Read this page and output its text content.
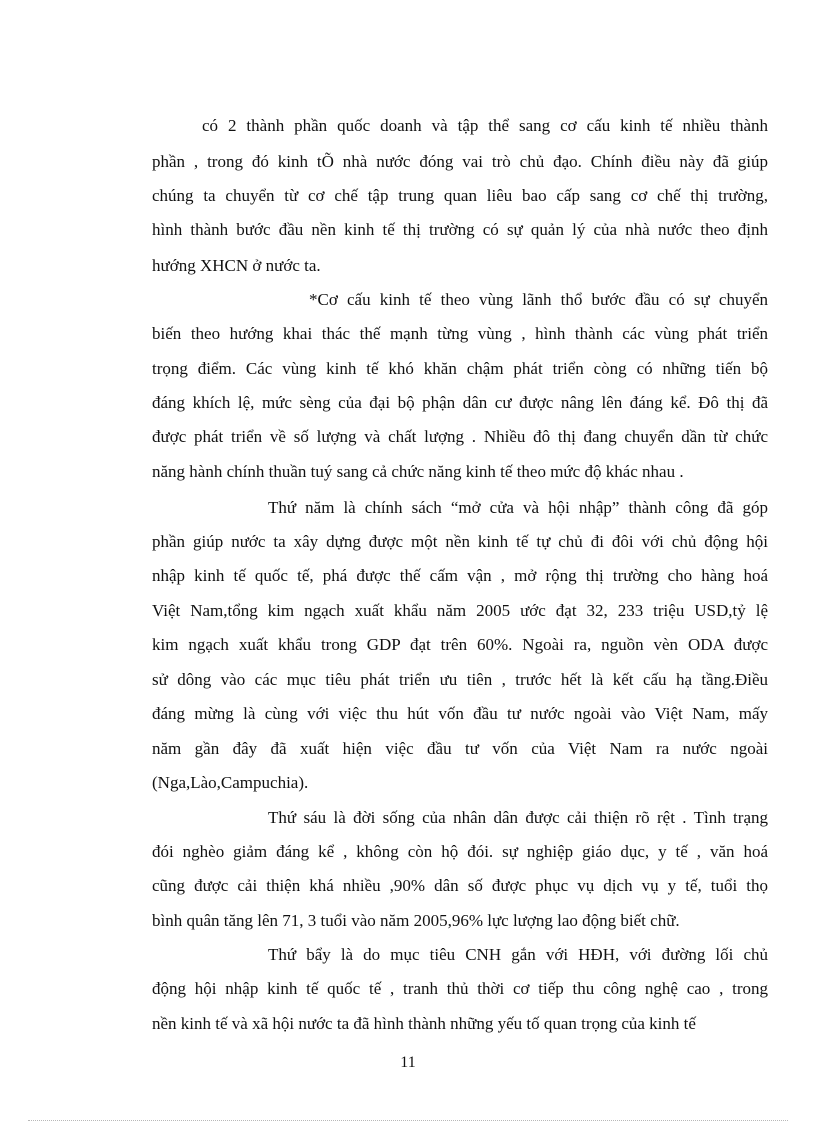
có 2 thành phần quốc doanh và tập thể sang cơ cấu kinh tế nhiều thành
phần , trong đó kinh tÕ nhà nước đóng vai trò chủ đạo. Chính điều này đã giúp
chúng ta chuyển từ cơ chế tập trung quan liêu bao cấp sang cơ chế thị trường,
hình thành bước đầu nền kinh tế thị trường có sự quản lý của nhà nước theo định
hướng XHCN ở nước ta.
*Cơ cấu kinh tế theo vùng lãnh thổ bước đầu có sự chuyển
biến theo hướng khai thác thế mạnh từng vùng , hình thành các vùng phát triển
trọng điểm. Các vùng kinh tế khó khăn chậm phát triển còng có những tiến bộ
đáng khích lệ, mức sèng của đại bộ phận dân cư được nâng lên đáng kể. Đô thị đã
được phát triển về số lượng và chất lượng . Nhiều đô thị đang chuyển dần từ chức
năng hành chính thuần tuý sang cả chức năng kinh tế theo mức độ khác nhau .
Thứ năm là chính sách “mở cửa và hội nhập” thành công đã góp
phần giúp nước ta xây dựng được một nền kinh tế tự chủ đi đôi với chủ động hội
nhập kinh tế quốc tế, phá được thế cấm vận , mở rộng thị trường cho hàng hoá
Việt Nam,tổng kim ngạch xuất khẩu năm 2005 ước đạt 32, 233 triệu USD,tỷ lệ
kim ngạch xuất khẩu trong GDP đạt trên 60%. Ngoài ra, nguồn vèn ODA được
sử dông vào các mục tiêu phát triển ưu tiên , trước hết là kết cấu hạ tầng.Điều
đáng mừng là cùng với việc thu hút vốn đầu tư nước ngoài vào Việt Nam, mấy
năm gần đây đã xuất hiện việc đầu tư vốn của Việt Nam ra nước ngoài
(Nga,Lào,Campuchia).
Thứ sáu là đời sống của nhân dân được cải thiện rõ rệt . Tình trạng
đói nghèo giảm đáng kể , không còn hộ đói. sự nghiệp giáo dục, y tế , văn hoá
cũng được cải thiện khá nhiều ,90% dân số được phục vụ dịch vụ y tế, tuổi thọ
bình quân tăng lên 71, 3 tuổi vào năm 2005,96% lực lượng lao động biết chữ.
Thứ bẩy là do mục tiêu CNH gắn với HĐH, với đường lối chủ
động hội nhập kinh tế quốc tế , tranh thủ thời cơ tiếp thu công nghệ cao , trong
nền kinh tế và xã hội nước ta đã hình thành những yếu tố quan trọng của kinh tế
11
